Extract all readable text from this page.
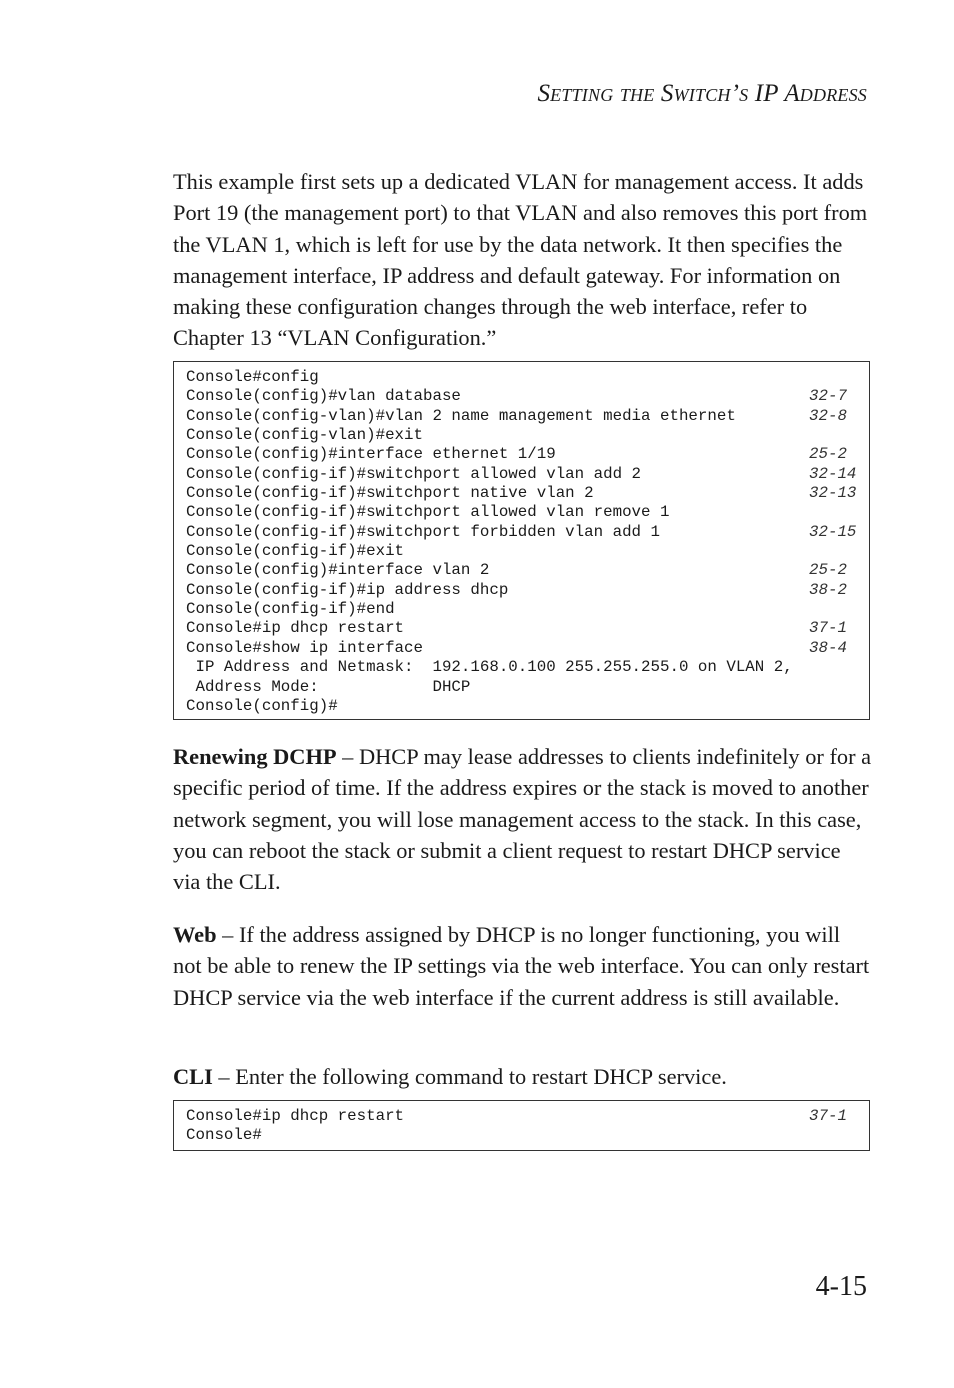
Setting the Switch’s IP Address

This example first sets up a dedicated VLAN for management access. It adds Port 19 (the management port) to that VLAN and also removes this port from the VLAN 1, which is left for use by the data network. It then specifies the management interface, IP address and default gateway. For information on making these configuration changes through the web interface, refer to Chapter 13 “VLAN Configuration.”

Console#config
Console(config)#vlan database	32-7
Console(config-vlan)#vlan 2 name management media ethernet	32-8
Console(config-vlan)#exit
Console(config)#interface ethernet 1/19	25-2
Console(config-if)#switchport allowed vlan add 2	32-14
Console(config-if)#switchport native vlan 2	32-13
Console(config-if)#switchport allowed vlan remove 1
Console(config-if)#switchport forbidden vlan add 1	32-15
Console(config-if)#exit
Console(config)#interface vlan 2	25-2
Console(config-if)#ip address dhcp	38-2
Console(config-if)#end
Console#ip dhcp restart	37-1
Console#show ip interface	38-4
IP Address and Netmask:  192.168.0.100 255.255.255.0 on VLAN 2,
Address Mode:            DHCP
Console(config)#

Renewing DCHP – DHCP may lease addresses to clients indefinitely or for a specific period of time. If the address expires or the stack is moved to another network segment, you will lose management access to the stack. In this case, you can reboot the stack or submit a client request to restart DHCP service via the CLI.

Web – If the address assigned by DHCP is no longer functioning, you will not be able to renew the IP settings via the web interface. You can only restart DHCP service via the web interface if the current address is still available.

CLI – Enter the following command to restart DHCP service.

Console#ip dhcp restart	37-1
Console#
4-15
